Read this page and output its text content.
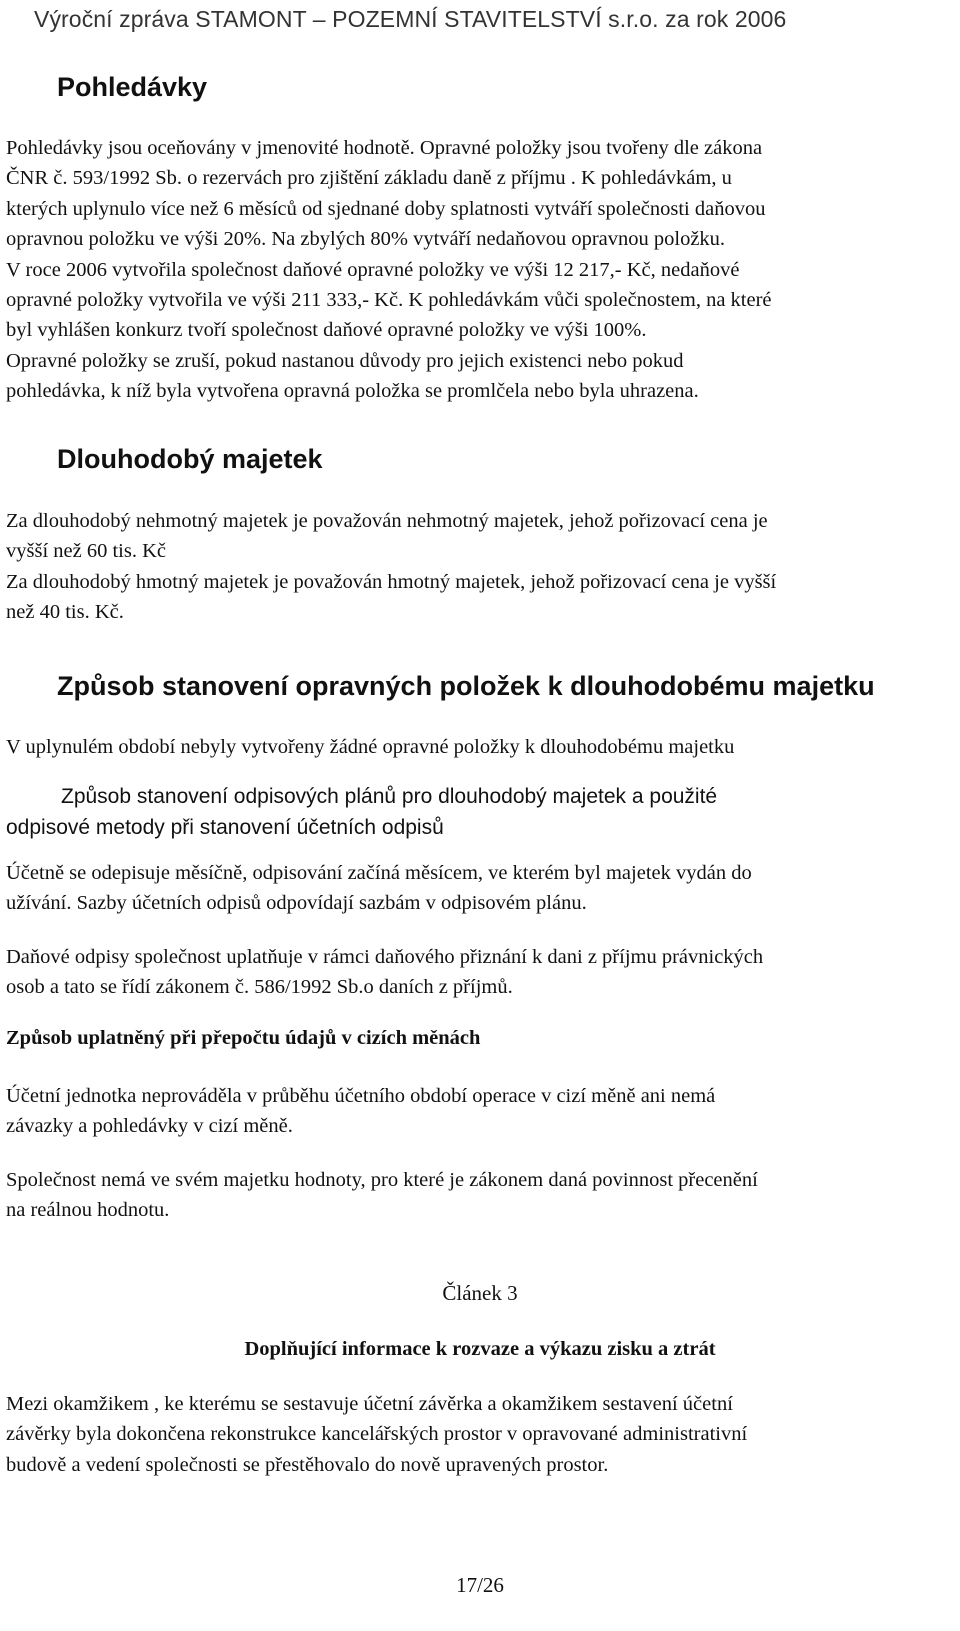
Výroční zpráva STAMONT – POZEMNÍ STAVITELSTVÍ s.r.o. za rok 2006
Pohledávky
Pohledávky jsou oceňovány v jmenovité hodnotě. Opravné položky jsou tvořeny dle zákona
ČNR č. 593/1992 Sb. o rezervách pro zjištění základu daně z příjmu . K pohledávkám, u
kterých uplynulo více než 6 měsíců od sjednané doby splatnosti vytváří společnosti daňovou
opravnou položku ve výši 20%. Na zbylých 80% vytváří nedaňovou opravnou položku.
V roce 2006 vytvořila společnost daňové opravné položky ve výši 12 217,- Kč, nedaňové
opravné položky vytvořila ve výši 211 333,- Kč. K pohledávkám vůči společnostem, na které
byl vyhlášen konkurz tvoří společnost daňové opravné položky ve výši 100%.
Opravné položky se zruší, pokud nastanou důvody pro jejich existenci nebo pokud
pohledávka, k níž byla vytvořena opravná položka se promlčela nebo byla uhrazena.
Dlouhodobý majetek
Za dlouhodobý nehmotný majetek je považován nehmotný majetek, jehož pořizovací cena je
vyšší než 60 tis. Kč
Za dlouhodobý hmotný majetek je považován hmotný majetek, jehož pořizovací cena je vyšší
než 40 tis. Kč.
Způsob stanovení opravných položek k dlouhodobému majetku
V uplynulém období nebyly vytvořeny žádné opravné položky k dlouhodobému majetku
Způsob stanovení odpisových plánů pro dlouhodobý majetek a použité
odpisové metody při stanovení účetních odpisů
Účetně se odepisuje měsíčně, odpisování začíná měsícem, ve kterém byl majetek vydán do
užívání. Sazby účetních odpisů odpovídají sazbám v odpisovém plánu.
Daňové odpisy společnost uplatňuje v rámci daňového přiznání k dani z příjmu právnických
osob a tato se řídí zákonem č. 586/1992 Sb.o daních z příjmů.
Způsob uplatněný při přepočtu údajů v cizích měnách
Účetní jednotka neprováděla v průběhu účetního období operace v cizí měně ani nemá
závazky a pohledávky v cizí měně.
Společnost nemá ve svém majetku hodnoty, pro které je zákonem daná povinnost přecenění
na reálnou hodnotu.
Článek 3
Doplňující informace k rozvaze a výkazu zisku a ztrát
Mezi okamžikem , ke kterému se sestavuje účetní závěrka a okamžikem sestavení účetní
závěrky byla dokončena rekonstrukce kancelářských prostor v opravované administrativní
budově a vedení společnosti se přestěhovalo do nově upravených prostor.
17/26
